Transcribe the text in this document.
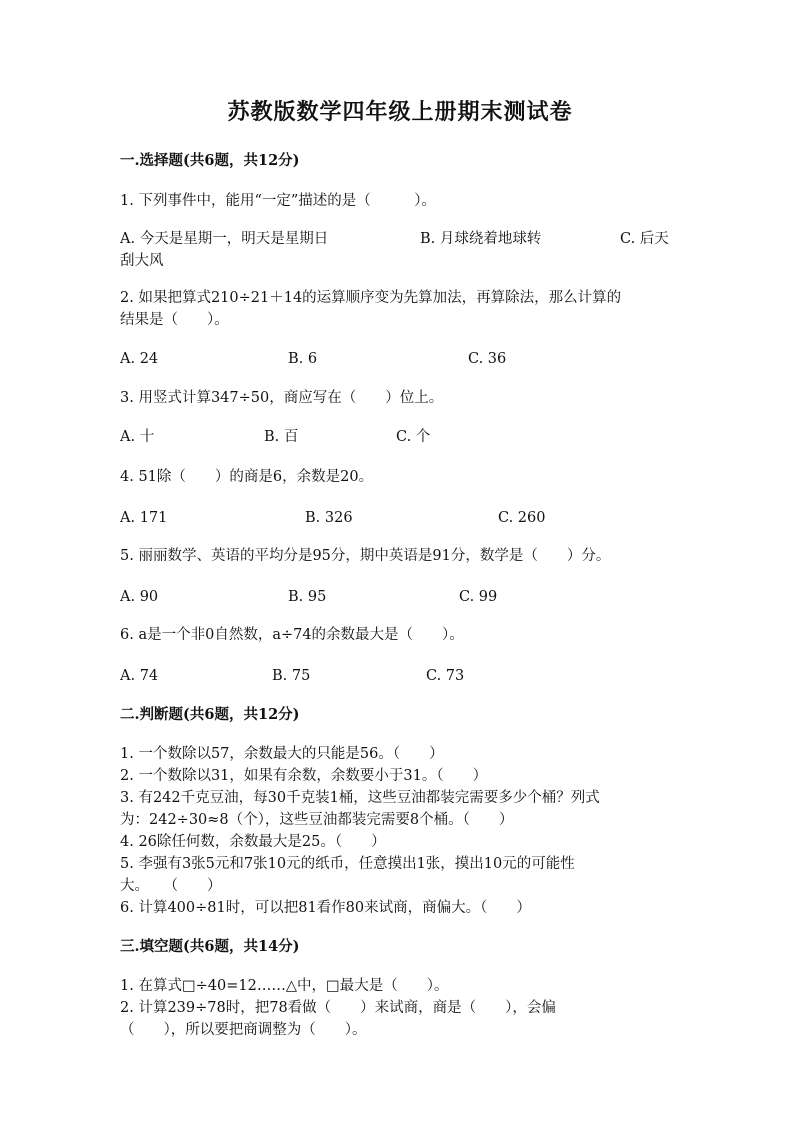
苏教版数学四年级上册期末测试卷
一.选择题(共6题，共12分)
1. 下列事件中，能用“一定”描述的是（　　　）。
A. 今天是星期一，明天是星期日	B. 月球绕着地球转	C. 后天
刮大风
2. 如果把算式210÷21＋14的运算顺序变为先算加法，再算除法，那么计算的
结果是（　　）。
A. 24	B. 6	C. 36
3. 用竖式计算347÷50，商应写在（　　）位上。
A. 十	B. 百	C. 个
4. 51除（　　）的商是6，余数是20。
A. 171	B. 326	C. 260
5. 丽丽数学、英语的平均分是95分，期中英语是91分，数学是（　　）分。
A. 90	B. 95	C. 99
6. a是一个非0自然数，a÷74的余数最大是（　　）。
A. 74	B. 75	C. 73
二.判断题(共6题，共12分)
1. 一个数除以57，余数最大的只能是56。（　　）
2. 一个数除以31，如果有余数，余数要小于31。（　　）
3. 有242千克豆油，每30千克装1桶，这些豆油都装完需要多少个桶？列式
为：242÷30≈8（个），这些豆油都装完需要8个桶。（　　）
4. 26除任何数，余数最大是25。（　　）
5. 李强有3张5元和7张10元的纸币，任意摸出1张，摸出10元的可能性
大。　　（　　）
6. 计算400÷81时，可以把81看作80来试商，商偏大。（　　）
三.填空题(共6题，共14分)
1. 在算式□÷40=12……△中，□最大是（　　）。
2. 计算239÷78时，把78看做（　　）来试商，商是（　　），会偏
（　　），所以要把商调整为（　　）。
